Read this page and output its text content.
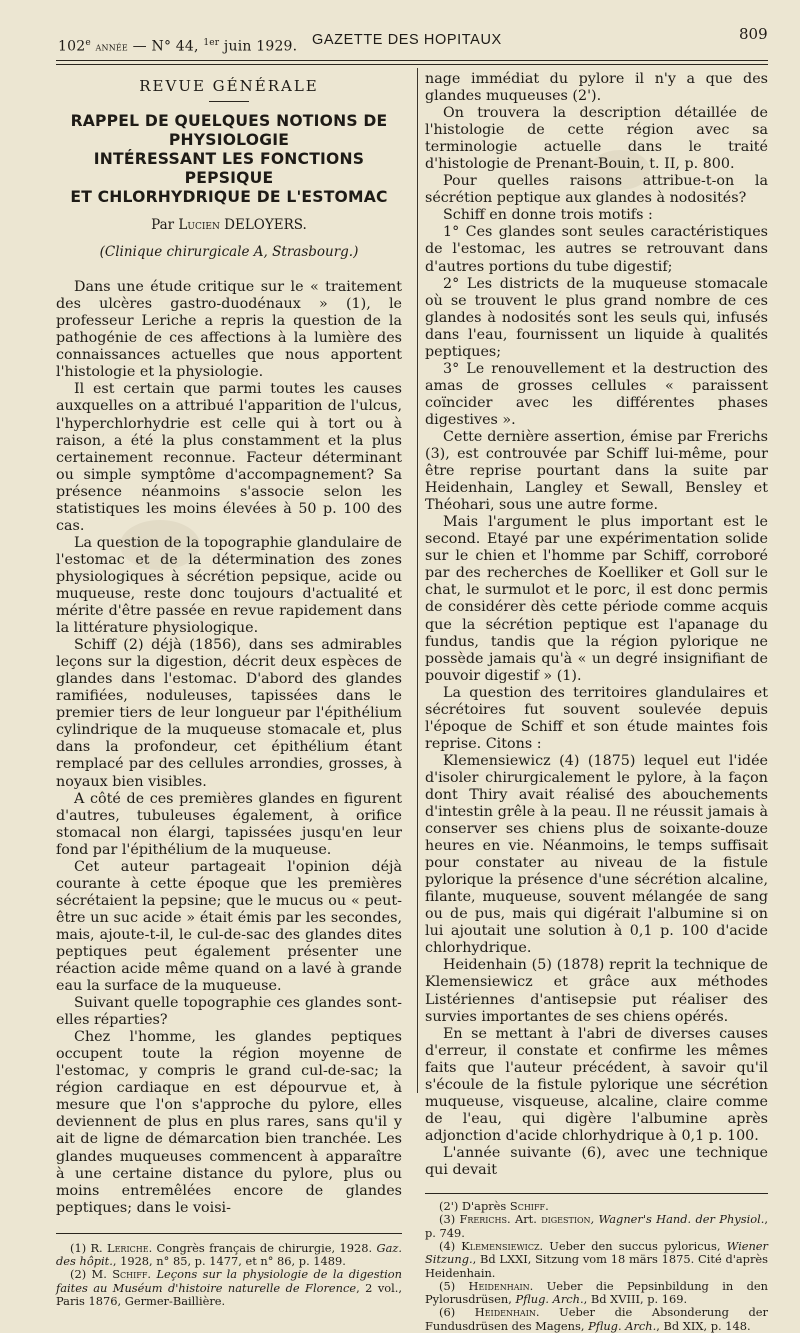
102e année — N° 44, $^{1er}$ juin 1929. GAZETTE DES HOPITAUX	809
REVUE GÉNÉRALE
RAPPEL DE QUELQUES NOTIONS DE PHYSIOLOGIE
INTÉRESSANT LES FONCTIONS PEPSIQUE
ET CHLORHYDRIQUE DE L'ESTOMAC
Par Lucien DELOYERS.
(Clinique chirurgicale A, Strasbourg.)

Dans une étude critique sur le « traitement des ulcères gastro-duodénaux » (1), le professeur Leriche a repris la question de la pathogénie de ces affections à la lumière des connaissances actuelles que nous apportent l'histologie et la physiologie.

Il est certain que parmi toutes les causes auxquelles on a attribué l'apparition de l'ulcus, l'hyperchlorhydrie est celle qui à tort ou à raison, a été la plus constamment et la plus certainement reconnue. Facteur déterminant ou simple symptôme d'accompagnement? Sa présence néanmoins s'associe selon les statistiques les moins élevées à 50 p. 100 des cas.

La question de la topographie glandulaire de l'estomac et de la détermination des zones physiologiques à sécrétion pepsique, acide ou muqueuse, reste donc toujours d'actualité et mérite d'être passée en revue rapidement dans la littérature physiologique.

Schiff (2) déjà (1856), dans ses admirables leçons sur la digestion, décrit deux espèces de glandes dans l'estomac. D'abord des glandes ramifiées, noduleuses, tapissées dans le premier tiers de leur longueur par l'épithélium cylindrique de la muqueuse stomacale et, plus dans la profondeur, cet épithélium étant remplacé par des cellules arrondies, grosses, à noyaux bien visibles.

A côté de ces premières glandes en figurent d'autres, tubuleuses également, à orifice stomacal non élargi, tapissées jusqu'en leur fond par l'épithélium de la muqueuse.

Cet auteur partageait l'opinion déjà courante à cette époque que les premières sécrétaient la pepsine; que le mucus ou « peut-être un suc acide » était émis par les secondes, mais, ajoute-t-il, le cul-de-sac des glandes dites peptiques peut également présenter une réaction acide même quand on a lavé à grande eau la surface de la muqueuse.

Suivant quelle topographie ces glandes sont-elles réparties?

Chez l'homme, les glandes peptiques occupent toute la région moyenne de l'estomac, y compris le grand cul-de-sac; la région cardiaque en est dépourvue et, à mesure que l'on s'approche du pylore, elles deviennent de plus en plus rares, sans qu'il y ait de ligne de démarcation bien tranchée. Les glandes muqueuses commencent à apparaître à une certaine distance du pylore, plus ou moins entremêlées encore de glandes peptiques; dans le voisi-

(1) R. Leriche. Congrès français de chirurgie, 1928. Gaz. des hôpit., 1928, n° 85, p. 1477, et n° 86, p. 1489.

(2) M. Schiff. Leçons sur la physiologie de la digestion faites au Muséum d'histoire naturelle de Florence, 2 vol., Paris 1876, Germer-Baillière.

nage immédiat du pylore il n'y a que des glandes muqueuses (2').

On trouvera la description détaillée de l'histologie de cette région avec sa terminologie actuelle dans le traité d'histologie de Prenant-Bouin, t. II, p. 800.

Pour quelles raisons attribue-t-on la sécrétion peptique aux glandes à nodosités?

Schiff en donne trois motifs :

1° Ces glandes sont seules caractéristiques de l'estomac, les autres se retrouvant dans d'autres portions du tube digestif;

2° Les districts de la muqueuse stomacale où se trouvent le plus grand nombre de ces glandes à nodosités sont les seuls qui, infusés dans l'eau, fournissent un liquide à qualités peptiques;

3° Le renouvellement et la destruction des amas de grosses cellules « paraissent coïncider avec les différentes phases digestives ».

Cette dernière assertion, émise par Frerichs (3), est controuvée par Schiff lui-même, pour être reprise pourtant dans la suite par Heidenhain, Langley et Sewall, Bensley et Théohari, sous une autre forme.

Mais l'argument le plus important est le second. Etayé par une expérimentation solide sur le chien et l'homme par Schiff, corroboré par des recherches de Koelliker et Goll sur le chat, le surmulot et le porc, il est donc permis de considérer dès cette période comme acquis que la sécrétion peptique est l'apanage du fundus, tandis que la région pylorique ne possède jamais qu'à « un degré insignifiant de pouvoir digestif » (1).

La question des territoires glandulaires et sécrétoires fut souvent soulevée depuis l'époque de Schiff et son étude maintes fois reprise. Citons :

Klemensiewicz (4) (1875) lequel eut l'idée d'isoler chirurgicalement le pylore, à la façon dont Thiry avait réalisé des abouchements d'intestin grêle à la peau. Il ne réussit jamais à conserver ses chiens plus de soixante-douze heures en vie. Néanmoins, le temps suffisait pour constater au niveau de la fistule pylorique la présence d'une sécrétion alcaline, filante, muqueuse, souvent mélangée de sang ou de pus, mais qui digérait l'albumine si on lui ajoutait une solution à 0,1 p. 100 d'acide chlorhydrique.

Heidenhain (5) (1878) reprit la technique de Klemensiewicz et grâce aux méthodes Listériennes d'antisepsie put réaliser des survies importantes de ses chiens opérés.

En se mettant à l'abri de diverses causes d'erreur, il constate et confirme les mêmes faits que l'auteur précédent, à savoir qu'il s'écoule de la fistule pylorique une sécrétion muqueuse, visqueuse, alcaline, claire comme de l'eau, qui digère l'albumine après adjonction d'acide chlorhydrique à 0,1 p. 100.

L'année suivante (6), avec une technique qui devait

(2') D'après Schiff.

(3) Frerichs. Art. digestion, Wagner's Hand. der Physiol., p. 749.

(4) Klemensiewicz. Ueber den succus pyloricus, Wiener Sitzung., Bd LXXI, Sitzung vom 18 märs 1875. Cité d'après Heidenhain.

(5) Heidenhain. Ueber die Pepsinbildung in den Pylorusdrüsen, Pflug. Arch., Bd XVIII, p. 169.

(6) Heidenhain. Ueber die Absonderung der Fundusdrüsen des Magens, Pflug. Arch., Bd XIX, p. 148.
